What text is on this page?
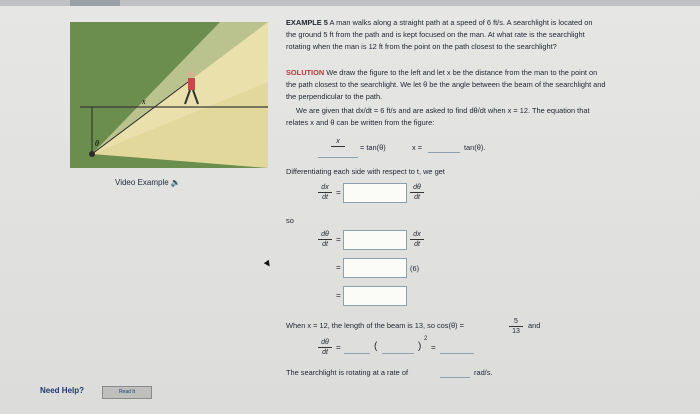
x
θ
Video Example 🔈
EXAMPLE 5 A man walks along a straight path at a speed of 6 ft/s. A searchlight is located on
the ground 5 ft from the path and is kept focused on the man. At what rate is the searchlight
rotating when the man is 12 ft from the point on the path closest to the searchlight?
SOLUTION We draw the figure to the left and let x be the distance from the man to the point on
the path closest to the searchlight. We let θ be the angle between the beam of the searchlight and
the perpendicular to the path.
We are given that dx/dt = 6 ft/s and are asked to find dθ/dt when x = 12. The equation that
relates x and θ can be written from the figure:
x

= tan(θ)	x =	tan(θ).
Differentiating each side with respect to t, we get
$\frac{dx}{dt}$ =	$\frac{d\theta}{dt}$
so
$\frac{d\theta}{dt}$ =	$\frac{dx}{dt}$
=	(6)
=
When x = 12, the length of the beam is 13, so cos(θ) =	$\frac{5}{13}$ and
$\frac{d\theta}{dt}$ =	(	)
2
=
The searchlight is rotating at a rate of	rad/s.
Need Help?	Read It
